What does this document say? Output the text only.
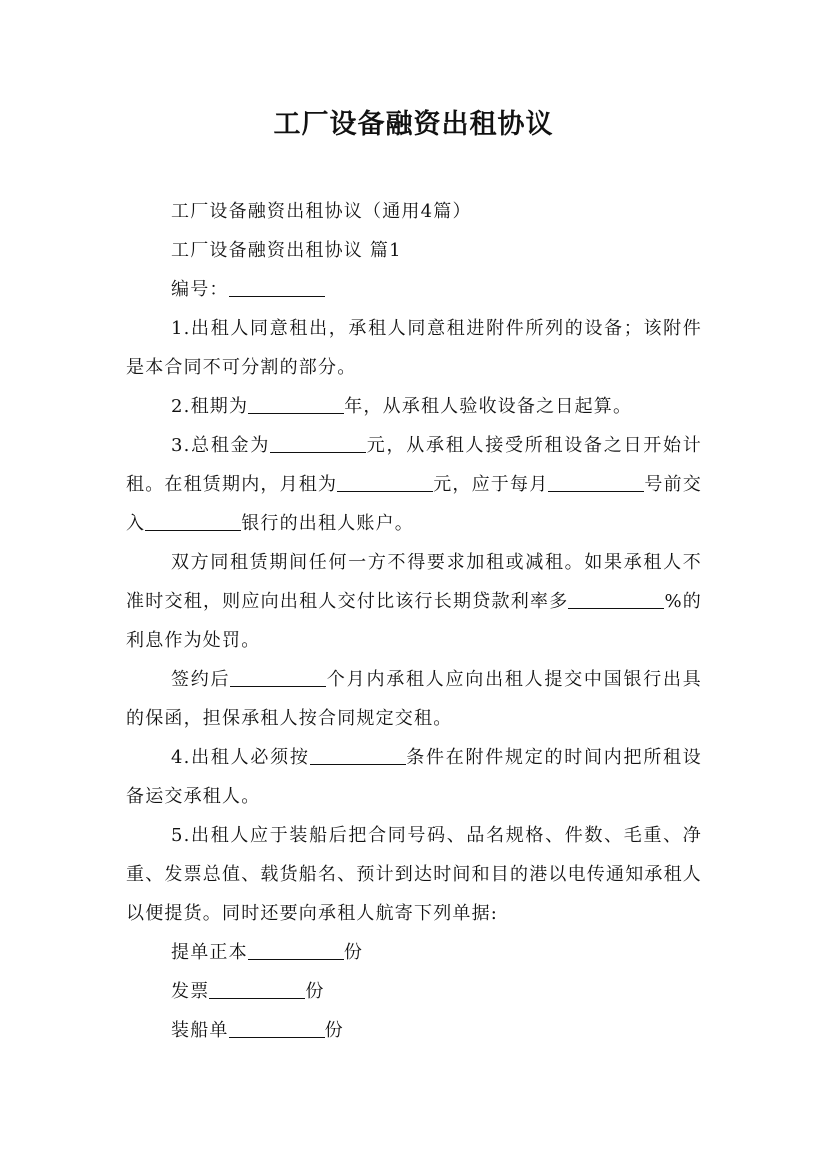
工厂设备融资出租协议

工厂设备融资出租协议（通用4篇）

工厂设备融资出租协议 篇1

编号：

1.出租人同意租出，承租人同意租进附件所列的设备；该附件是本合同不可分割的部分。

2.租期为	年，从承租人验收设备之日起算。

3.总租金为	元，从承租人接受所租设备之日开始计租。在租赁期内，月租为	元，应于每月	号前交入	银行的出租人账户。

双方同租赁期间任何一方不得要求加租或减租。如果承租人不准时交租，则应向出租人交付比该行长期贷款利率多	%的利息作为处罚。

签约后	个月内承租人应向出租人提交中国银行出具的保函，担保承租人按合同规定交租。

4.出租人必须按	条件在附件规定的时间内把所租设备运交承租人。

5.出租人应于装船后把合同号码、品名规格、件数、毛重、净重、发票总值、载货船名、预计到达时间和目的港以电传通知承租人以便提货。同时还要向承租人航寄下列单据:

提单正本	份

发票	份

装船单	份
